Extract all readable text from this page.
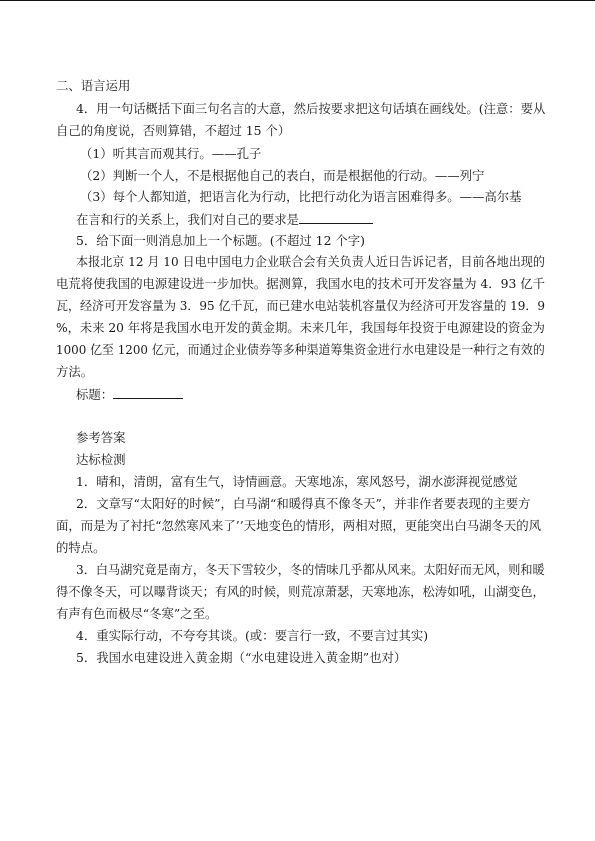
二、语言运用
4．用一句话概括下面三句名言的大意，然后按要求把这句话填在画线处。(注意：要从
自己的角度说，否则算错，不超过 15 个）
（1）听其言而观其行。——孔子
（2）判断一个人，不是根据他自己的表白，而是根据他的行动。——列宁
（3）每个人都知道，把语言化为行动，比把行动化为语言困难得多。——高尔基
在言和行的关系上，我们对自己的要求是
5．给下面一则消息加上一个标题。(不超过 12 个字)
本报北京 12 月 10 日电中国电力企业联合会有关负责人近日告诉记者，目前各地出现的
电荒将使我国的电源建设进一步加快。据测算，我国水电的技术可开发容量为 4．93 亿千
瓦，经济可开发容量为 3．95 亿千瓦，而已建水电站装机容量仅为经济可开发容量的 19．9
%，未来 20 年将是我国水电开发的黄金期。未来几年，我国每年投资于电源建设的资金为
1000 亿至 1200 亿元，而通过企业债券等多种渠道筹集资金进行水电建设是一种行之有效的
方法。
标题：
参考答案
达标检测
1．晴和，清朗，富有生气，诗情画意。天寒地冻，寒风怒号，湖水澎湃视觉感觉
2．文章写“太阳好的时候”，白马湖“和暖得真不像冬天”，并非作者要表现的主要方
面，而是为了衬托“忽然寒风来了’’天地变色的情形，两相对照，更能突出白马湖冬天的风
的特点。
3．白马湖究竟是南方，冬天下雪较少，冬的情味几乎都从风来。太阳好而无风，则和暖
得不像冬天，可以曝背谈天；有风的时候，则荒凉萧瑟，天寒地冻，松涛如吼，山湖变色，
有声有色而极尽“冬寒”之至。
4．重实际行动，不夸夸其谈。(或：要言行一致，不要言过其实)
5．我国水电建设进入黄金期（“水电建设进入黄金期”也对）
